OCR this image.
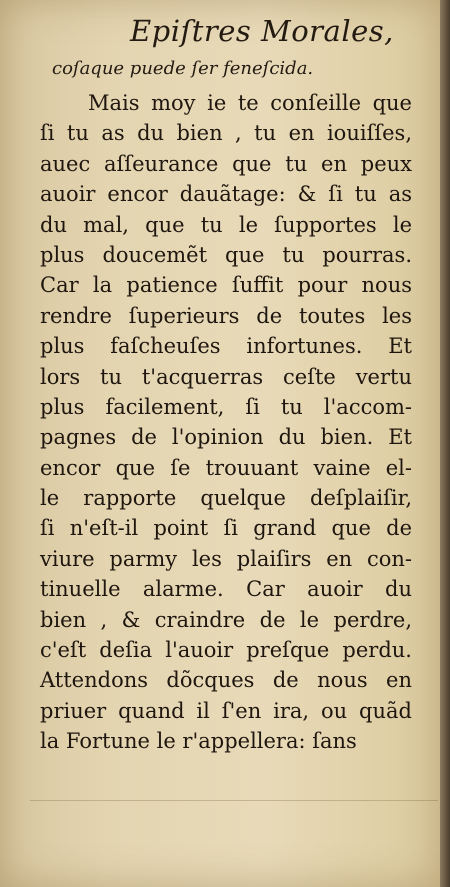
Epiſtres Morales,
coſaque puede ſer feneſcida.
Mais moy ie te conſeille que
ſi tu as du bien , tu en iouiſſes,
auec aſſeurance que tu en peux
auoir encor dauãtage: & ſi tu as
du mal, que tu le ſupportes le
plus doucemẽt que tu pourras.
Car la patience ſuffit pour nous
rendre ſuperieurs de toutes les
plus faſcheuſes infortunes. Et
lors tu t'acquerras ceſte vertu
plus facilement, ſi tu l'accom-
pagnes de l'opinion du bien. Et
encor que ſe trouuant vaine el-
le rapporte quelque deſplaiſir,
ſi n'eſt-il point ſi grand que de
viure parmy les plaiſirs en con-
tinuelle alarme. Car auoir du
bien , & craindre de le perdre,
c'eſt deſia l'auoir preſque perdu.
Attendons dõcques de nous en
priuer quand il ſ'en ira, ou quãd
la Fortune le r'appellera: ſans
